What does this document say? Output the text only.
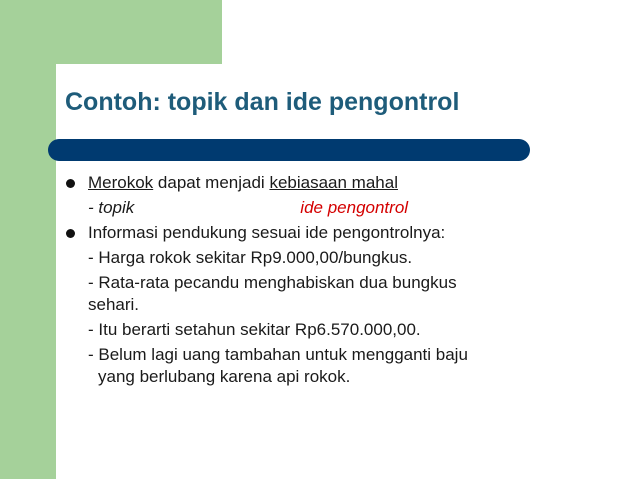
Contoh: topik dan ide pengontrol
Merokok dapat menjadi kebiasaan mahal
- topik	ide pengontrol
Informasi pendukung sesuai ide pengontrolnya:
- Harga rokok sekitar Rp9.000,00/bungkus.
- Rata-rata pecandu menghabiskan dua bungkus
sehari.
- Itu berarti setahun sekitar Rp6.570.000,00.
- Belum lagi uang tambahan untuk mengganti baju
yang berlubang karena api rokok.
